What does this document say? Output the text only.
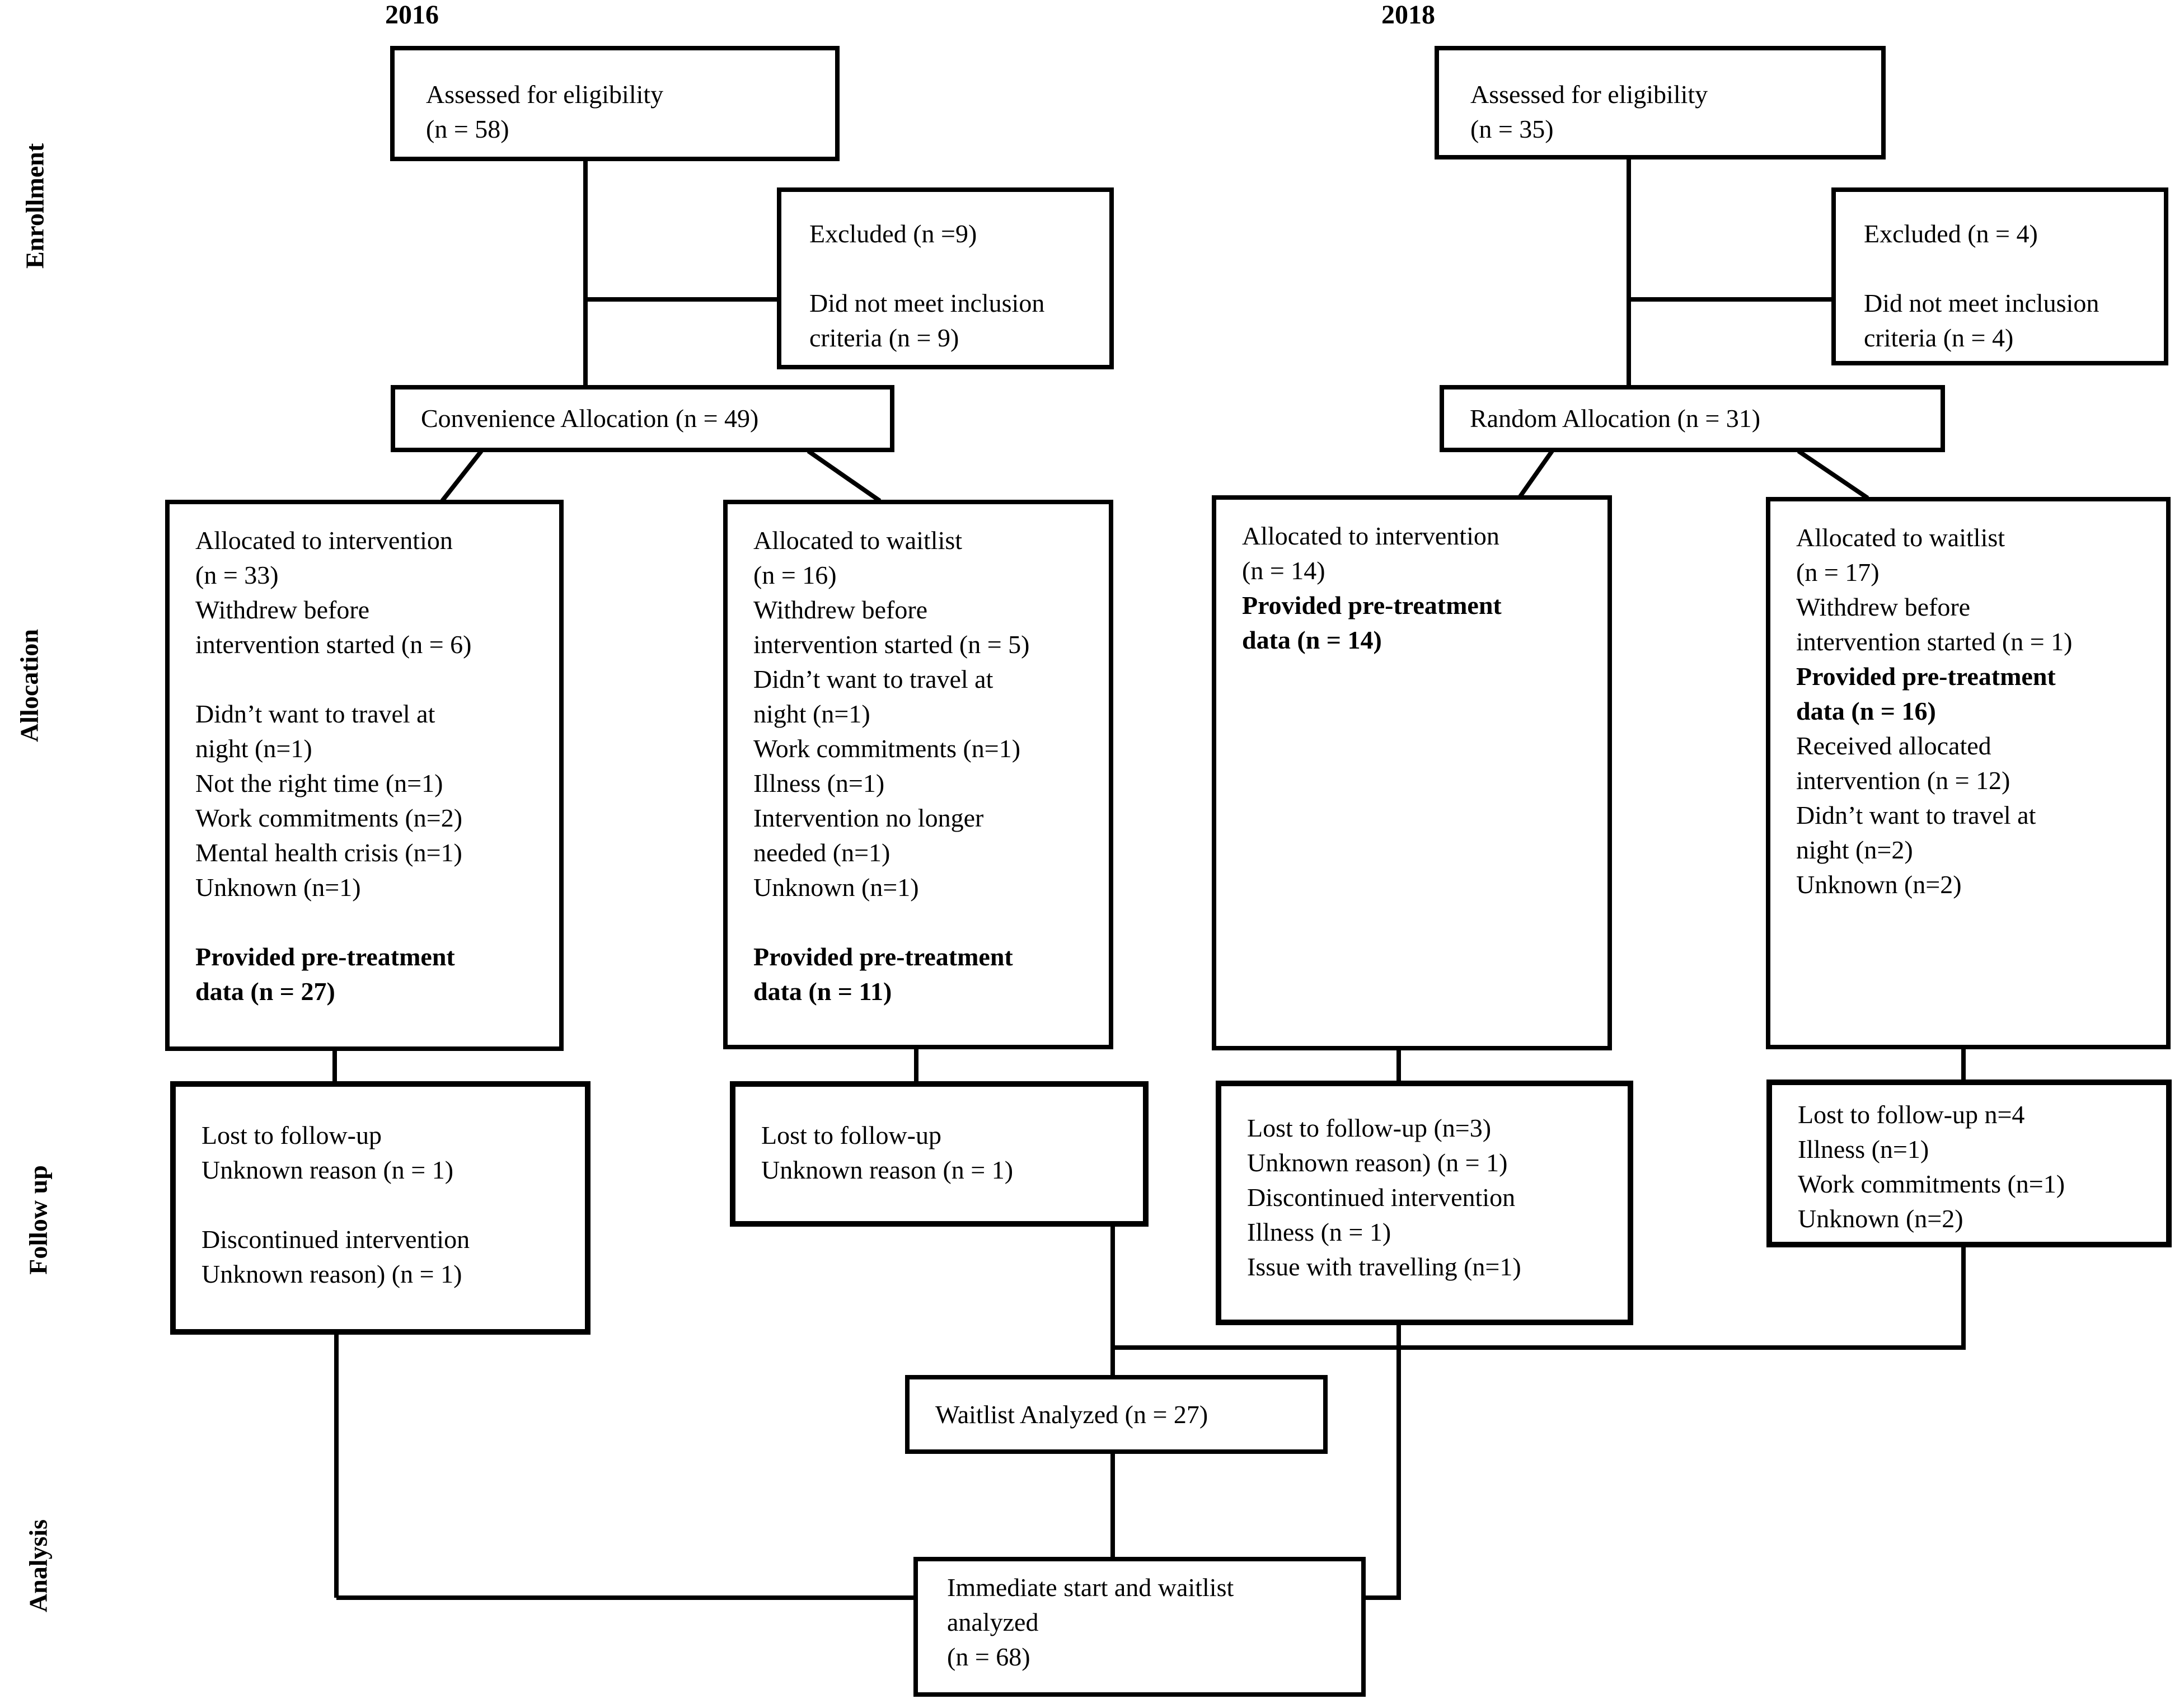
2016	2018
Enrollment
Allocation
Follow up
Analysis
Assessed for eligibility
(n = 58)
Excluded (n =9)

Did not meet inclusion
criteria (n = 9)
Assessed for eligibility
(n = 35)
Excluded (n = 4)

Did not meet inclusion
criteria (n = 4)
Convenience Allocation (n = 49)	Random Allocation (n = 31)
Allocated to intervention
(n = 33)
Withdrew before
intervention started (n = 6)

Didn’t want to travel at
night (n=1)
Not the right time (n=1)
Work commitments (n=2)
Mental health crisis (n=1)
Unknown (n=1)

Provided pre-treatment
data (n = 27)
Allocated to waitlist
(n = 16)
Withdrew before
intervention started (n = 5)
Didn’t want to travel at
night (n=1)
Work commitments (n=1)
Illness (n=1)
Intervention no longer
needed (n=1)
Unknown (n=1)

Provided pre-treatment
data (n = 11)
Allocated to intervention
(n = 14)
Provided pre-treatment
data (n = 14)
Allocated to waitlist
(n = 17)
Withdrew before
intervention started (n = 1)
Provided pre-treatment
data (n = 16)
Received allocated
intervention (n = 12)
Didn’t want to travel at
night (n=2)
Unknown (n=2)
Lost to follow-up
Unknown reason (n = 1)

Discontinued intervention
Unknown reason) (n = 1)
Lost to follow-up
Unknown reason (n = 1)
Lost to follow-up (n=3)
Unknown reason) (n = 1)
Discontinued intervention
Illness (n = 1)
Issue with travelling (n=1)
Lost to follow-up n=4
Illness (n=1)
Work commitments (n=1)
Unknown (n=2)
Waitlist Analyzed (n = 27)
Immediate start and waitlist
analyzed
(n = 68)
